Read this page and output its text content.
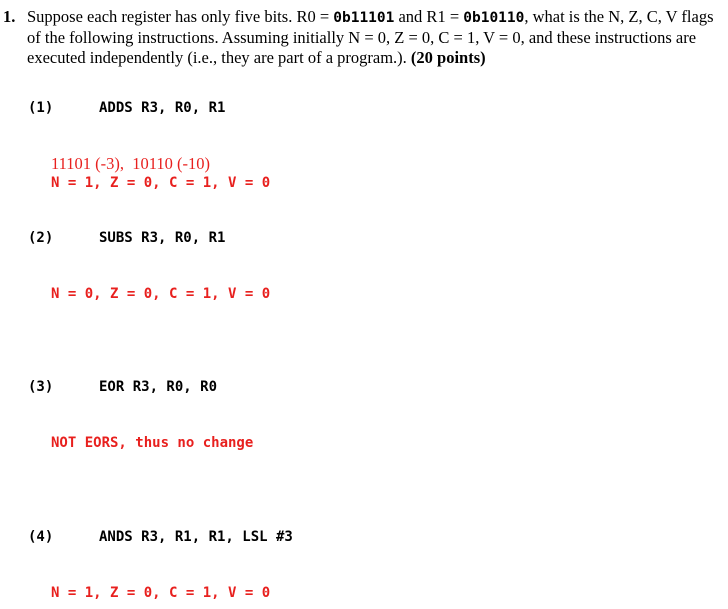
1. Suppose each register has only five bits. R0 = 0b11101 and R1 = 0b10110, what is the N, Z, C, V flags of the following instructions. Assuming initially N = 0, Z = 0, C = 1, V = 0, and these instructions are executed independently (i.e., they are part of a program.). (20 points)
(1)	ADDS R3, R0, R1
11101 (-3),  10110 (-10)
N = 1, Z = 0, C = 1, V = 0
(2)	SUBS R3, R0, R1
N = 0, Z = 0, C = 1, V = 0
(3)	EOR R3, R0, R0
NOT EORS, thus no change
(4)	ANDS R3, R1, R1, LSL #3
N = 1, Z = 0, C = 1, V = 0
